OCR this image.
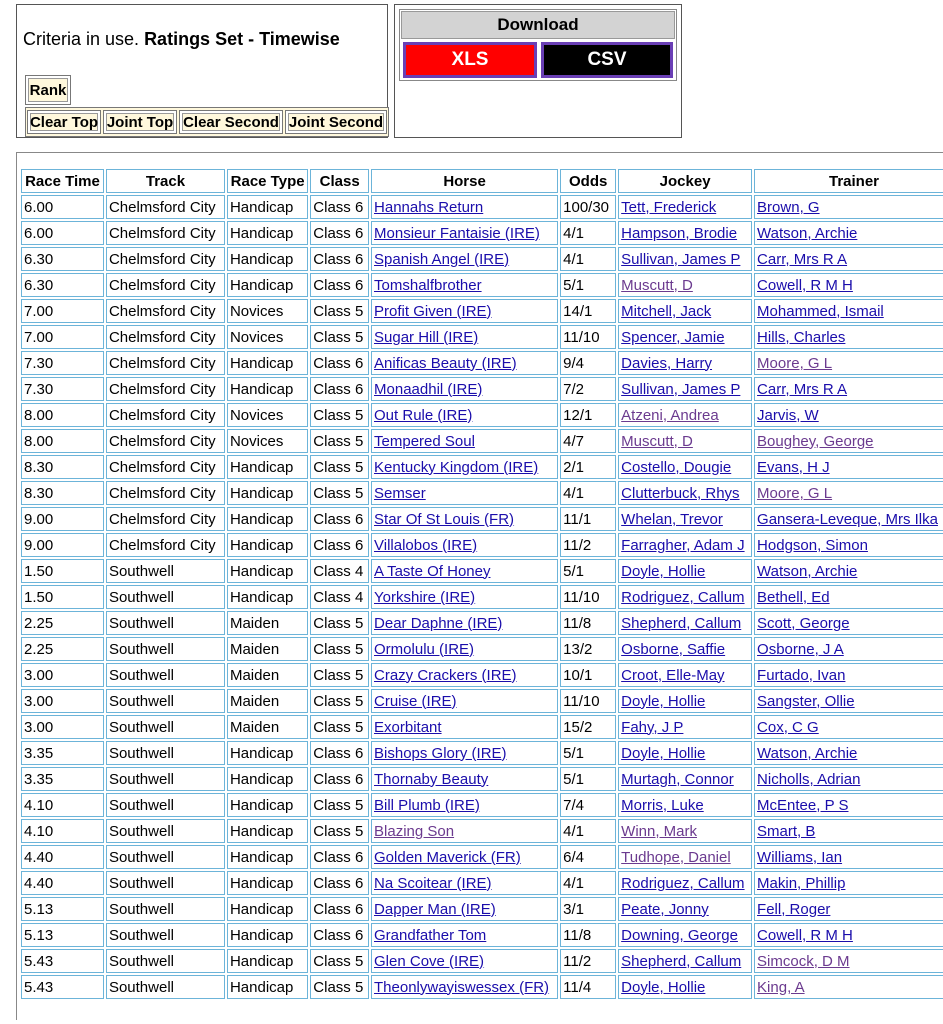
Criteria in use. Ratings Set - Timewise
Rank
Clear Top Joint Top Clear Second Joint Second
Download
XLS	CSV
Race Time	Track	Race Type	Class	Horse	Odds	Jockey	Trainer
6.00	Chelmsford City	Handicap	Class 6	Hannahs Return	100/30	Tett, Frederick	Brown, G
6.00	Chelmsford City	Handicap	Class 6	Monsieur Fantaisie (IRE)	4/1	Hampson, Brodie	Watson, Archie
6.30	Chelmsford City	Handicap	Class 6	Spanish Angel (IRE)	4/1	Sullivan, James P	Carr, Mrs R A
6.30	Chelmsford City	Handicap	Class 6	Tomshalfbrother	5/1	Muscutt, D	Cowell, R M H
7.00	Chelmsford City	Novices	Class 5	Profit Given (IRE)	14/1	Mitchell, Jack	Mohammed, Ismail
7.00	Chelmsford City	Novices	Class 5	Sugar Hill (IRE)	11/10	Spencer, Jamie	Hills, Charles
7.30	Chelmsford City	Handicap	Class 6	Anificas Beauty (IRE)	9/4	Davies, Harry	Moore, G L
7.30	Chelmsford City	Handicap	Class 6	Monaadhil (IRE)	7/2	Sullivan, James P	Carr, Mrs R A
8.00	Chelmsford City	Novices	Class 5	Out Rule (IRE)	12/1	Atzeni, Andrea	Jarvis, W
8.00	Chelmsford City	Novices	Class 5	Tempered Soul	4/7	Muscutt, D	Boughey, George
8.30	Chelmsford City	Handicap	Class 5	Kentucky Kingdom (IRE)	2/1	Costello, Dougie	Evans, H J
8.30	Chelmsford City	Handicap	Class 5	Semser	4/1	Clutterbuck, Rhys	Moore, G L
9.00	Chelmsford City	Handicap	Class 6	Star Of St Louis (FR)	11/1	Whelan, Trevor	Gansera-Leveque, Mrs Ilka
9.00	Chelmsford City	Handicap	Class 6	Villalobos (IRE)	11/2	Farragher, Adam J	Hodgson, Simon
1.50	Southwell	Handicap	Class 4	A Taste Of Honey	5/1	Doyle, Hollie	Watson, Archie
1.50	Southwell	Handicap	Class 4	Yorkshire (IRE)	11/10	Rodriguez, Callum	Bethell, Ed
2.25	Southwell	Maiden	Class 5	Dear Daphne (IRE)	11/8	Shepherd, Callum	Scott, George
2.25	Southwell	Maiden	Class 5	Ormolulu (IRE)	13/2	Osborne, Saffie	Osborne, J A
3.00	Southwell	Maiden	Class 5	Crazy Crackers (IRE)	10/1	Croot, Elle-May	Furtado, Ivan
3.00	Southwell	Maiden	Class 5	Cruise (IRE)	11/10	Doyle, Hollie	Sangster, Ollie
3.00	Southwell	Maiden	Class 5	Exorbitant	15/2	Fahy, J P	Cox, C G
3.35	Southwell	Handicap	Class 6	Bishops Glory (IRE)	5/1	Doyle, Hollie	Watson, Archie
3.35	Southwell	Handicap	Class 6	Thornaby Beauty	5/1	Murtagh, Connor	Nicholls, Adrian
4.10	Southwell	Handicap	Class 5	Bill Plumb (IRE)	7/4	Morris, Luke	McEntee, P S
4.10	Southwell	Handicap	Class 5	Blazing Son	4/1	Winn, Mark	Smart, B
4.40	Southwell	Handicap	Class 6	Golden Maverick (FR)	6/4	Tudhope, Daniel	Williams, Ian
4.40	Southwell	Handicap	Class 6	Na Scoitear (IRE)	4/1	Rodriguez, Callum	Makin, Phillip
5.13	Southwell	Handicap	Class 6	Dapper Man (IRE)	3/1	Peate, Jonny	Fell, Roger
5.13	Southwell	Handicap	Class 6	Grandfather Tom	11/8	Downing, George	Cowell, R M H
5.43	Southwell	Handicap	Class 5	Glen Cove (IRE)	11/2	Shepherd, Callum	Simcock, D M
5.43	Southwell	Handicap	Class 5	Theonlywayiswessex (FR)	11/4	Doyle, Hollie	King, A
